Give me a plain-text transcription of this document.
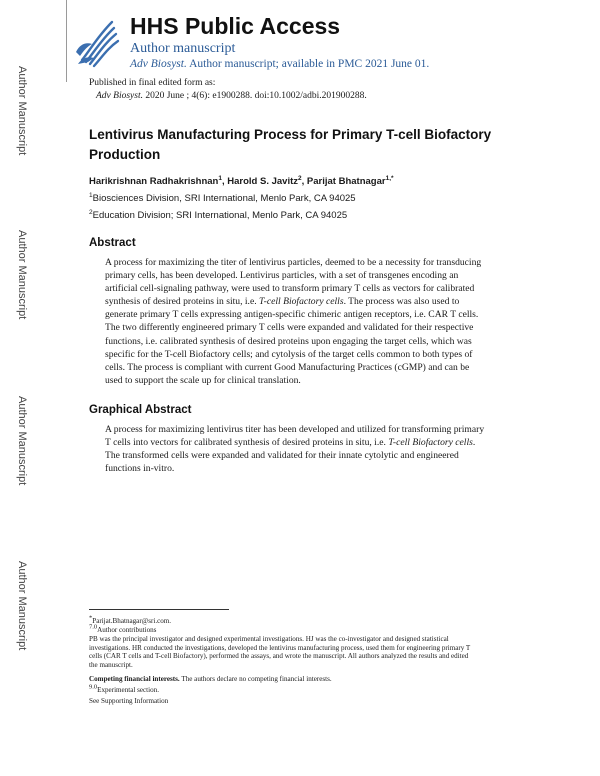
Author Manuscript
Author Manuscript
Author Manuscript
Author Manuscript
HHS Public Access
Author manuscript
Adv Biosyst. Author manuscript; available in PMC 2021 June 01.
Published in final edited form as:
Adv Biosyst. 2020 June ; 4(6): e1900288. doi:10.1002/adbi.201900288.
Lentivirus Manufacturing Process for Primary T-cell Biofactory Production
Harikrishnan Radhakrishnan$^1$, Harold S. Javitz$^2$, Parijat Bhatnagar$^{1,*}$
$^1$Biosciences Division, SRI International, Menlo Park, CA 94025
$^2$Education Division; SRI International, Menlo Park, CA 94025
Abstract
A process for maximizing the titer of lentivirus particles, deemed to be a necessity for transducing
primary cells, has been developed. Lentivirus particles, with a set of transgenes encoding an
artificial cell-signaling pathway, were used to transform primary T cells as vectors for calibrated
synthesis of desired proteins in situ, i.e. T-cell Biofactory cells. The process was also used to
generate primary T cells expressing antigen-specific chimeric antigen receptors, i.e. CAR T cells.
The two differently engineered primary T cells were expanded and validated for their respective
functions, i.e. calibrated synthesis of desired proteins upon engaging the target cells, which was
specific for the T-cell Biofactory cells; and cytolysis of the target cells common to both types of
cells. The process is compliant with current Good Manufacturing Practices (cGMP) and can be
used to support the scale up for clinical translation.
Graphical Abstract
A process for maximizing lentivirus titer has been developed and utilized for transforming primary
T cells into vectors for calibrated synthesis of desired proteins in situ, i.e. T-cell Biofactory cells.
The transformed cells were expanded and validated for their innate cytolytic and engineered
functions in-vitro.
*Parijat.Bhatnagar@sri.com.
$^{7.0}$Author contributions
PB was the principal investigator and designed experimental investigations. HJ was the co-investigator and designed statistical
investigations. HR conducted the investigations, developed the lentivirus manufacturing process, used them for engineering primary T
cells (CAR T cells and T-cell Biofactory), performed the assays, and wrote the manuscript. All authors analyzed the results and edited
the manuscript.
Competing financial interests. The authors declare no competing financial interests.
$^{9.0}$Experimental section.
See Supporting Information
